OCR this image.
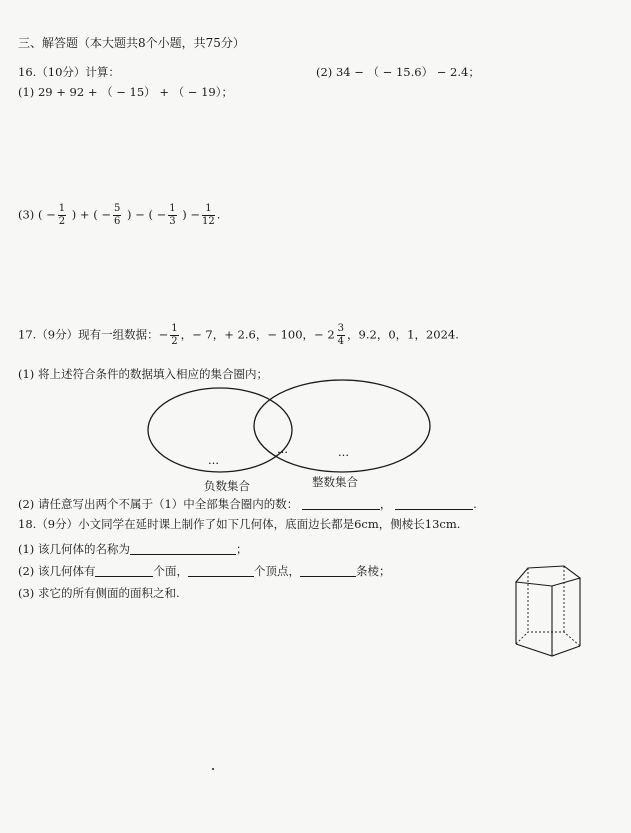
三、解答题（本大题共8个小题，共75分）
16.（10分）计算：
(1) 29 + 92 + （ − 15） + （ − 19）；
(2) 34 − （ − 15.6） − 2.4；
(3) ( − $\frac{1}{2}$ ) + ( − $\frac{5}{6}$ ) − ( − $\frac{1}{3}$ ) − $\frac{1}{12}$ .
17.（9分）现有一组数据：− $\frac{1}{2}$ ，− 7，+ 2.6，− 100，− $2 \frac{3}{4}$ ，9.2，0，1，2024.
(1) 将上述符合条件的数据填入相应的集合圈内；
…
…	…
负数集合	整数集合
(2) 请任意写出两个不属于（1）中全部集合圈内的数：	，	.
18.（9分）小文同学在延时课上制作了如下几何体，底面边长都是6cm，侧棱长13cm.
(1) 该几何体的名称为	；
(2) 该几何体有	个面，	个顶点，	条棱；
(3) 求它的所有侧面的面积之和.
